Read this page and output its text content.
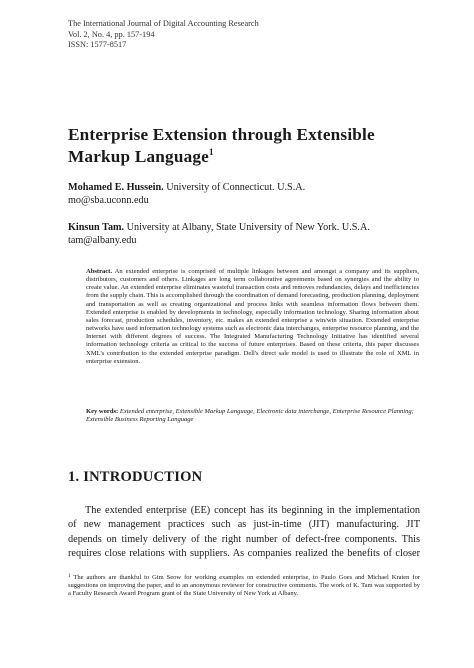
The International Journal of Digital Accounting Research
Vol. 2, No. 4, pp. 157-194
ISSN: 1577-8517
Enterprise Extension through Extensible
Markup Language$^1$
Mohamed E. Hussein. University of Connecticut. U.S.A.
mo@sba.uconn.edu
Kinsun Tam. University at Albany, State University of New York. U.S.A.
tam@albany.edu
Abstract. An extended enterprise is comprised of multiple linkages between and amongst a company and its suppliers, distributors, customers and others. Linkages are long term collaborative agreements based on synergies and the ability to create value. An extended enterprise eliminates wasteful transaction costs and removes redundancies, delays and inefficiencies from the supply chain. This is accomplished through the coordination of demand forecasting, production planning, deployment and transportation as well as creating organizational and process links with seamless information flows between them. Extended enterprise is enabled by developments in technology, especially information technology. Sharing information about sales forecast, production schedules, inventory, etc. makes an extended enterprise a win/win situation. Extended enterprise networks have used information technology systems such as electronic data interchanges, enterprise resource planning, and the Internet with different degrees of success. The Integrated Manufacturing Technology Initiative has identified several information technology criteria as critical to the success of future enterprises. Based on these criteria, this paper discusses XML's contribution to the extended enterprise paradigm. Dell's direct sale model is used to illustrate the role of XML in enterprise extension.
Key words: Extended enterprise, Extensible Markup Language, Electronic data interchange, Enterprise Resource Planning; Extensible Business Reporting Language
1. INTRODUCTION
The extended enterprise (EE) concept has its beginning in the implementation
of new management practices such as just-in-time (JIT) manufacturing. JIT
depends on timely delivery of the right number of defect-free components. This
requires close relations with suppliers. As companies realized the benefits of closer
$^1$ The authors are thankful to Gim Seow for working examples on extended enterprise, to Paulo Goes and Michael Kraten for suggestions on improving the paper, and to an anonymous reviewer for constructive comments. The work of K. Tam was supported by a Faculty Research Award Program grant of the State University of New York at Albany.
